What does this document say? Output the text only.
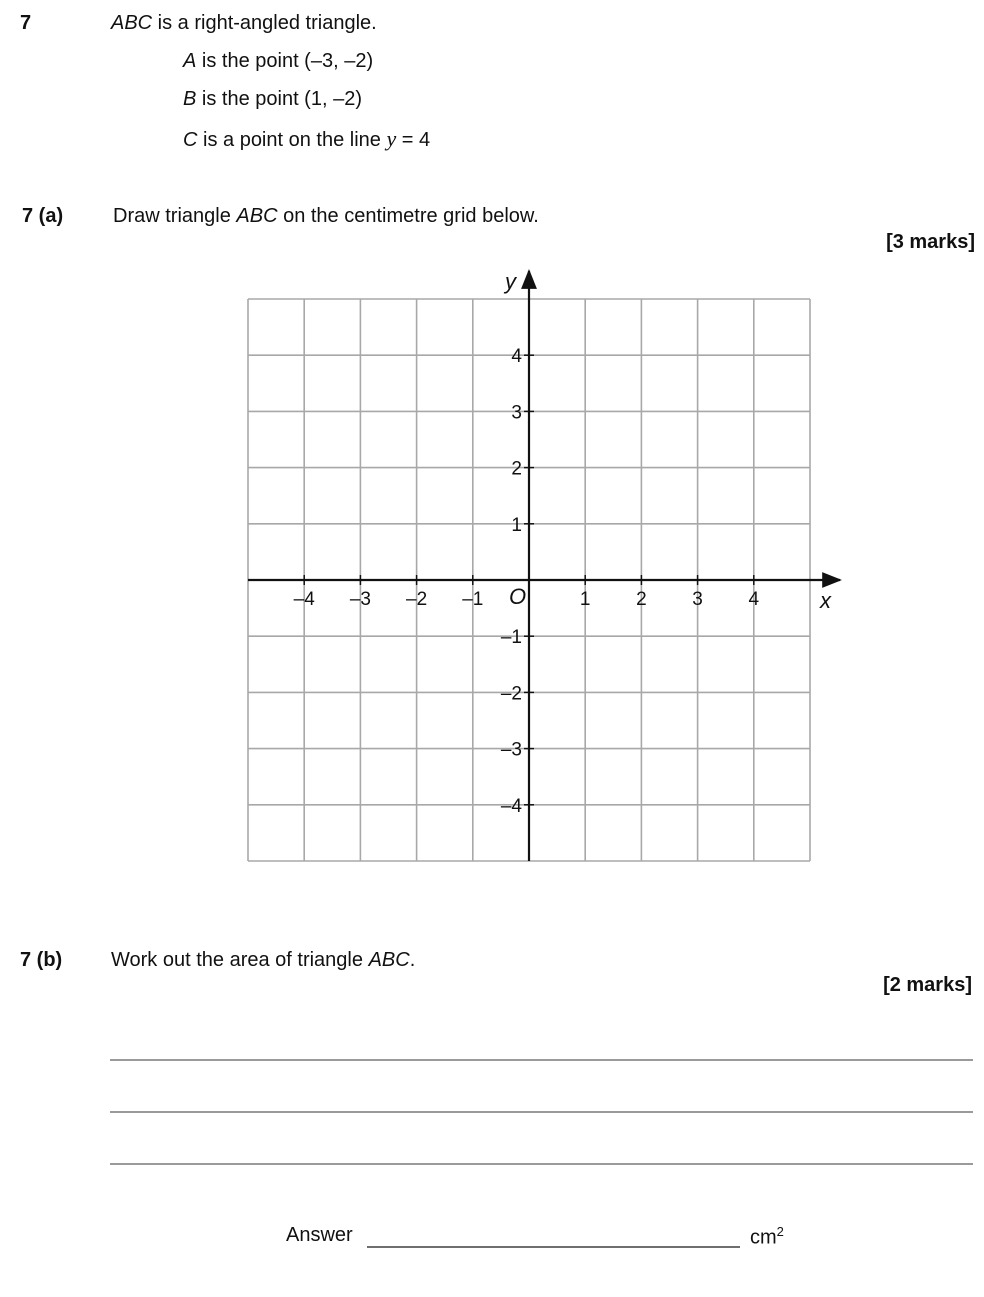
7	ABC is a right-angled triangle.
A is the point (–3, –2)
B is the point (1, –2)
C is a point on the line y = 4
7 (a) Draw triangle ABC on the centimetre grid below.
[3 marks]
–4 –3 –2 –1	1 2 3 4
–4
–3
–2
–1
1
2
3
4
x
y
O
7 (b) Work out the area of triangle ABC.
[2 marks]
Answer	$cm^2$
